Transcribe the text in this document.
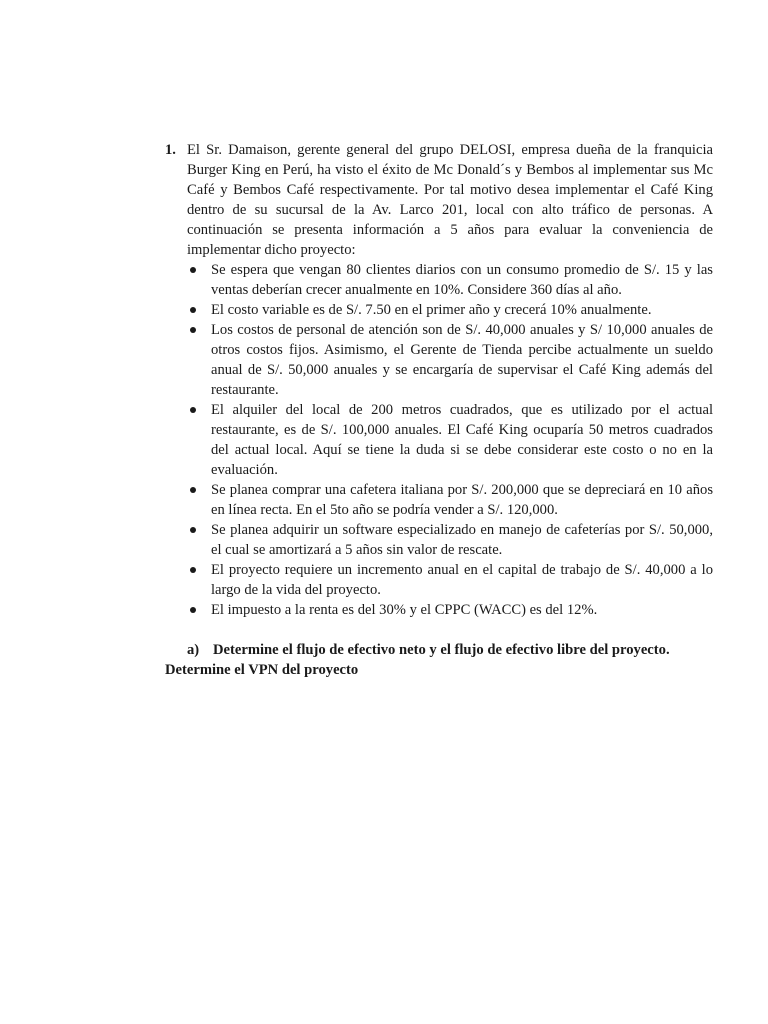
1. El Sr. Damaison, gerente general del grupo DELOSI, empresa dueña de la franquicia Burger King en Perú, ha visto el éxito de Mc Donald´s y Bembos al implementar sus Mc Café y Bembos Café respectivamente. Por tal motivo desea implementar el Café King dentro de su sucursal de la Av. Larco 201, local con alto tráfico de personas. A continuación se presenta información a 5 años para evaluar la conveniencia de implementar dicho proyecto:
Se espera que vengan 80 clientes diarios con un consumo promedio de S/. 15 y las ventas deberían crecer anualmente en 10%. Considere 360 días al año.
El costo variable es de S/. 7.50 en el primer año y crecerá 10% anualmente.
Los costos de personal de atención son de S/. 40,000 anuales y S/ 10,000 anuales de otros costos fijos. Asimismo, el Gerente de Tienda percibe actualmente un sueldo anual de S/. 50,000 anuales y se encargaría de supervisar el Café King además del restaurante.
El alquiler del local de 200 metros cuadrados, que es utilizado por el actual restaurante, es de S/. 100,000 anuales. El Café King ocuparía 50 metros cuadrados del actual local. Aquí se tiene la duda si se debe considerar este costo o no en la evaluación.
Se planea comprar una cafetera italiana por S/. 200,000 que se depreciará en 10 años en línea recta. En el 5to año se podría vender a S/. 120,000.
Se planea adquirir un software especializado en manejo de cafeterías por S/. 50,000, el cual se amortizará a 5 años sin valor de rescate.
El proyecto requiere un incremento anual en el capital de trabajo de S/. 40,000 a lo largo de la vida del proyecto.
El impuesto a la renta es del 30% y el CPPC (WACC) es del 12%.
a) Determine el flujo de efectivo neto y el flujo de efectivo libre del proyecto.
Determine el VPN del proyecto
